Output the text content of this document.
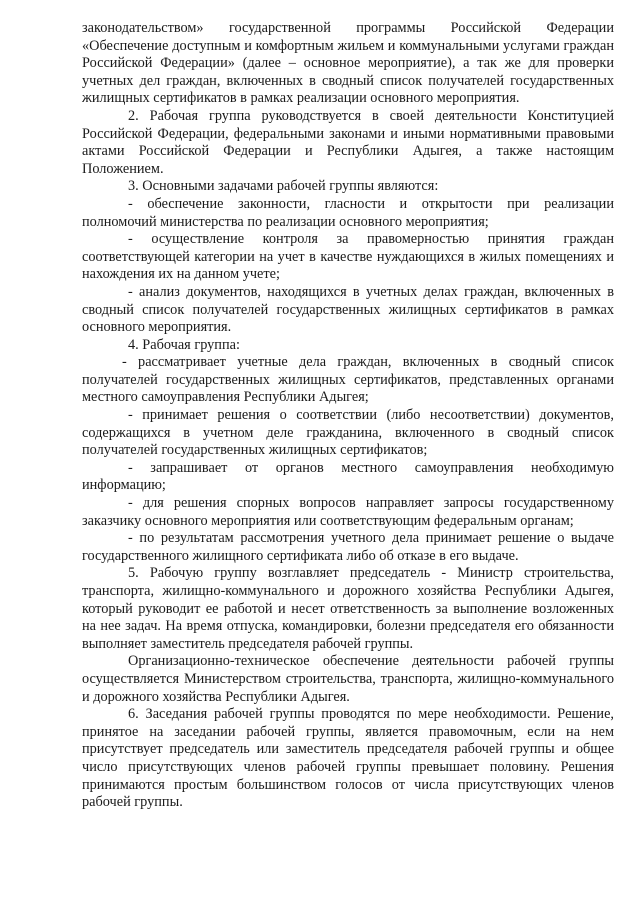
законодательством» государственной программы Российской Федерации «Обеспечение доступным и комфортным жильем и коммунальными услугами граждан Российской Федерации» (далее – основное мероприятие), а так же для проверки учетных дел граждан, включенных в сводный список получателей государственных жилищных сертификатов в рамках реализации основного мероприятия.

2. Рабочая группа руководствуется в своей деятельности Конституцией Российской Федерации, федеральными законами и иными нормативными правовыми актами Российской Федерации и Республики Адыгея, а также настоящим Положением.

3. Основными задачами рабочей группы являются:

- обеспечение законности, гласности и открытости при реализации полномочий министерства по реализации основного мероприятия;

- осуществление контроля за правомерностью принятия граждан соответствующей категории на учет в качестве нуждающихся в жилых помещениях и нахождения их на данном учете;

- анализ документов, находящихся в учетных делах граждан, включенных в сводный список получателей государственных жилищных сертификатов в рамках основного мероприятия.

4. Рабочая группа:

- рассматривает учетные дела граждан, включенных в сводный список получателей государственных жилищных сертификатов, представленных органами местного самоуправления Республики Адыгея;

- принимает решения о соответствии (либо несоответствии) документов, содержащихся в учетном деле гражданина, включенного в сводный список получателей государственных жилищных сертификатов;

- запрашивает от органов местного самоуправления необходимую информацию;

- для решения спорных вопросов направляет запросы государственному заказчику основного мероприятия или соответствующим федеральным органам;

- по результатам рассмотрения учетного дела принимает решение о выдаче государственного жилищного сертификата либо об отказе в его выдаче.

5. Рабочую группу возглавляет председатель - Министр строительства, транспорта, жилищно-коммунального и дорожного хозяйства Республики Адыгея, который руководит ее работой и несет ответственность за выполнение возложенных на нее задач. На время отпуска, командировки, болезни председателя его обязанности выполняет заместитель председателя рабочей группы.

Организационно-техническое обеспечение деятельности рабочей группы осуществляется Министерством строительства, транспорта, жилищно-коммунального и дорожного хозяйства Республики Адыгея.

6. Заседания рабочей группы проводятся по мере необходимости. Решение, принятое на заседании рабочей группы, является правомочным, если на нем присутствует председатель или заместитель председателя рабочей группы и общее число присутствующих членов рабочей группы превышает половину. Решения принимаются простым большинством голосов от числа присутствующих членов рабочей группы.
